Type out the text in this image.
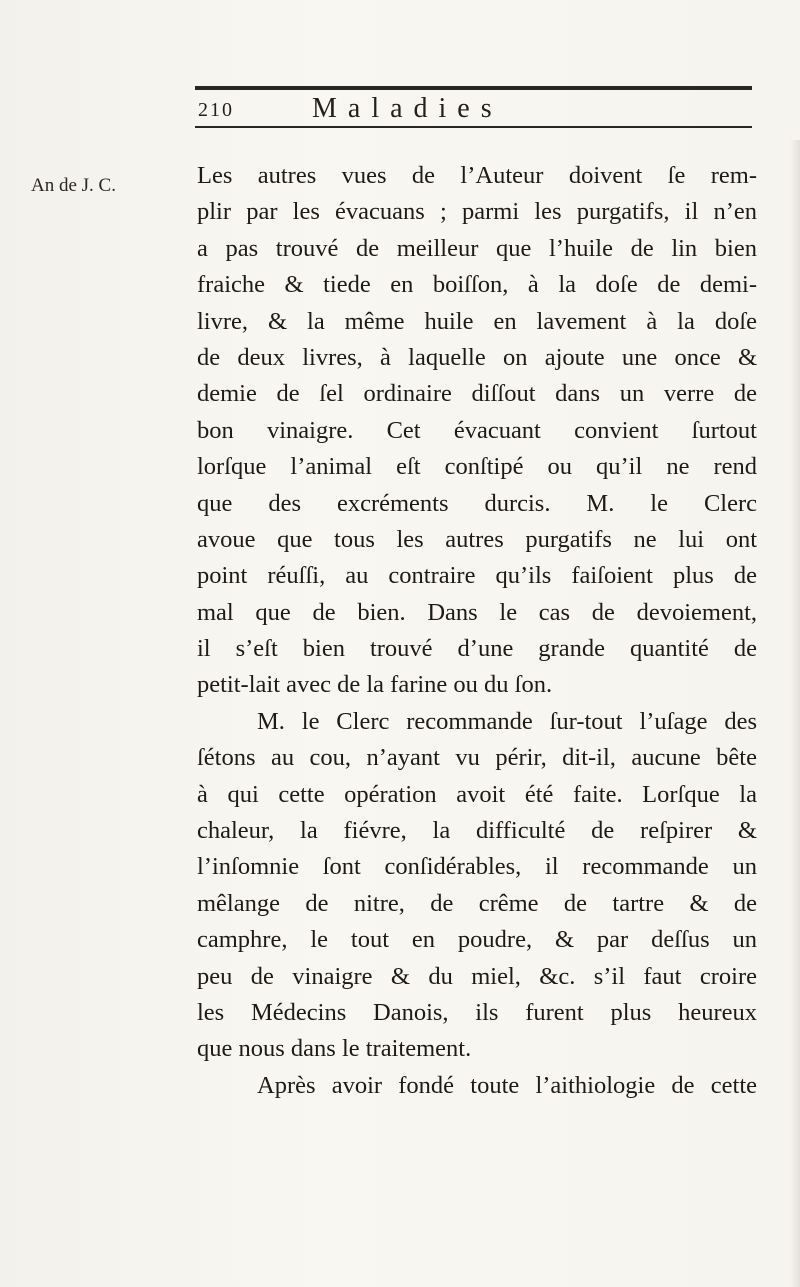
210	Maladies
An de J. C.	Les autres vues de l’Auteur doivent ſe rem-
plir par les évacuans ; parmi les purgatifs, il n’en
a pas trouvé de meilleur que l’huile de lin bien
fraiche & tiede en boiſſon, à la doſe de demi-
livre, & la même huile en lavement à la doſe
de deux livres, à laquelle on ajoute une once &
demie de ſel ordinaire diſſout dans un verre de
bon vinaigre. Cet évacuant convient ſurtout
lorſque l’animal eſt conſtipé ou qu’il ne rend
que des excréments durcis. M. le Clerc
avoue que tous les autres purgatifs ne lui ont
point réuſſi, au contraire qu’ils faiſoient plus de
mal que de bien. Dans le cas de devoiement,
il s’eſt bien trouvé d’une grande quantité de
petit-lait avec de la farine ou du ſon.
M. le Clerc recommande ſur-tout l’uſage des
ſétons au cou, n’ayant vu périr, dit-il, aucune bête
à qui cette opération avoit été faite. Lorſque la
chaleur, la fiévre, la difficulté de reſpirer &
l’inſomnie ſont conſidérables, il recommande un
mêlange de nitre, de crême de tartre & de
camphre, le tout en poudre, & par deſſus un
peu de vinaigre & du miel, &c. s’il faut croire
les Médecins Danois, ils furent plus heureux
que nous dans le traitement.
Après avoir fondé toute l’aithiologie de cette
